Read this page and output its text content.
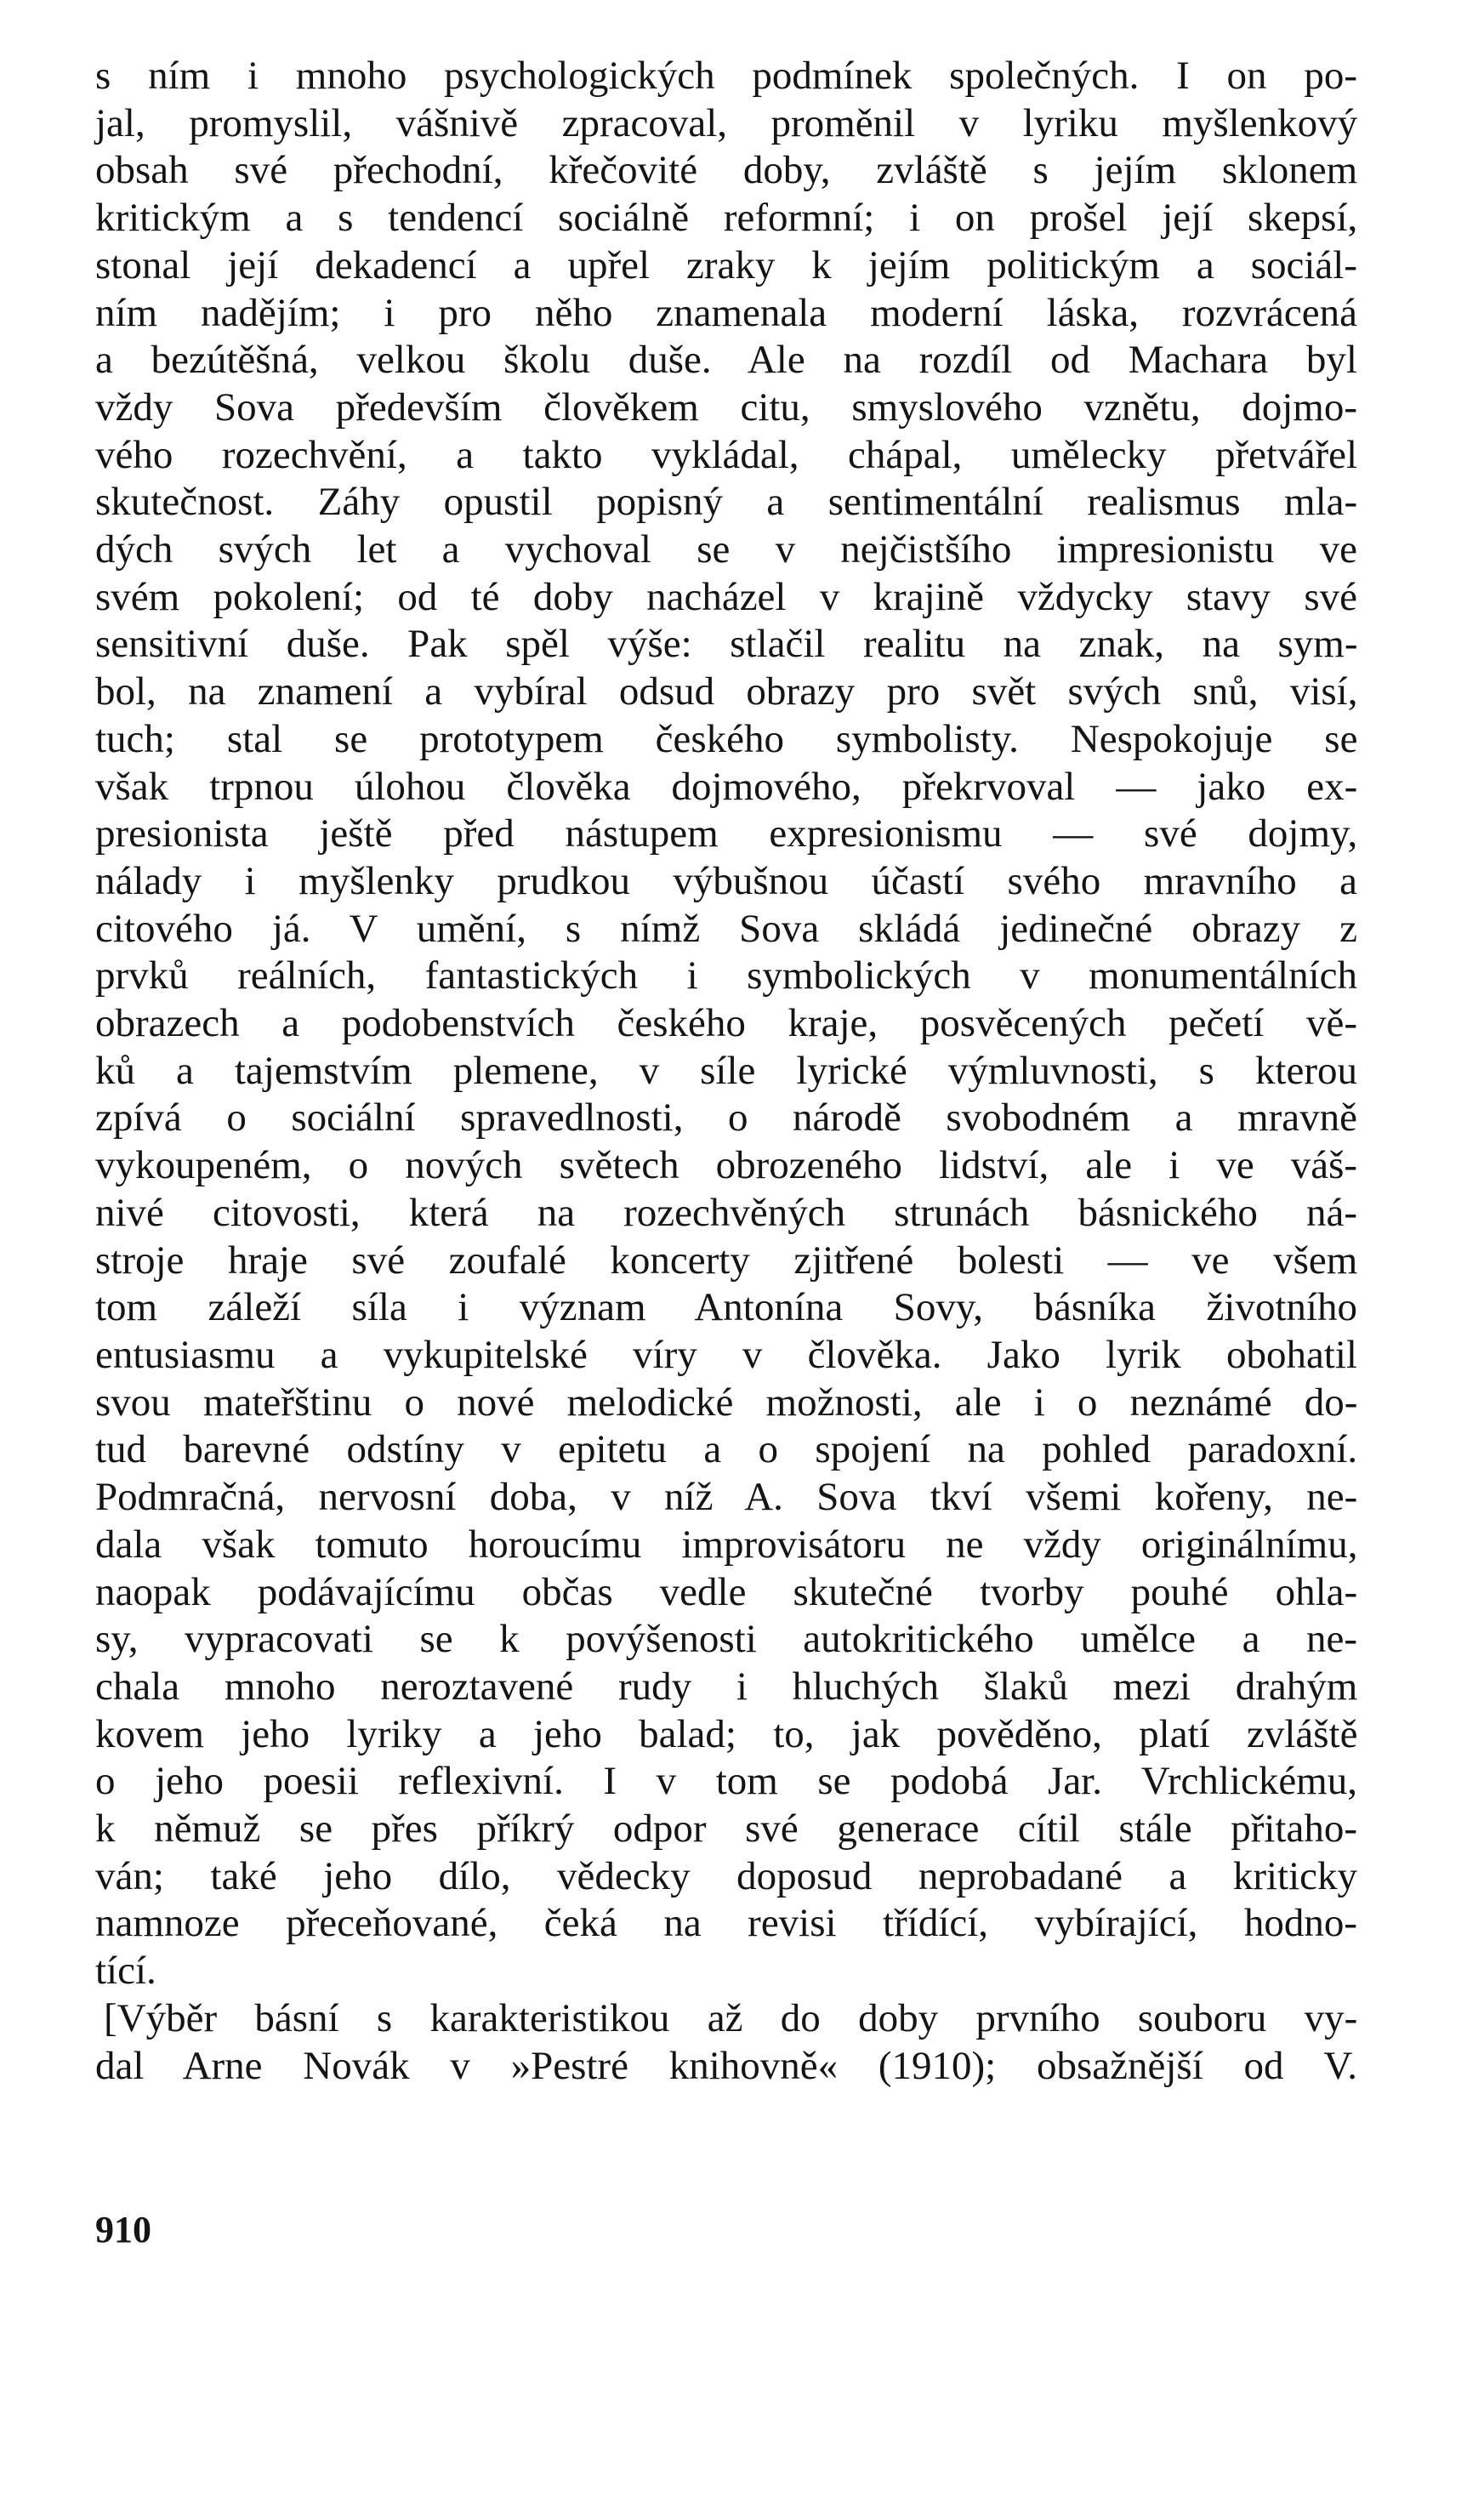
s ním i mnoho psychologických podmínek společných. I on po-
jal, promyslil, vášnivě zpracoval, proměnil v lyriku myšlenkový
obsah své přechodní, křečovité doby, zvláště s jejím sklonem
kritickým a s tendencí sociálně reformní; i on prošel její skepsí,
stonal její dekadencí a upřel zraky k jejím politickým a sociál-
ním nadějím; i pro něho znamenala moderní láska, rozvrácená
a bezútěšná, velkou školu duše. Ale na rozdíl od Machara byl
vždy Sova především člověkem citu, smyslového vznětu, dojmo-
vého rozechvění, a takto vykládal, chápal, umělecky přetvářel
skutečnost. Záhy opustil popisný a sentimentální realismus mla-
dých svých let a vychoval se v nejčistšího impresionistu ve
svém pokolení; od té doby nacházel v krajině vždycky stavy své
sensitivní duše. Pak spěl výše: stlačil realitu na znak, na sym-
bol, na znamení a vybíral odsud obrazy pro svět svých snů, visí,
tuch; stal se prototypem českého symbolisty. Nespokojuje se
však trpnou úlohou člověka dojmového, překrvoval — jako ex-
presionista ještě před nástupem expresionismu — své dojmy,
nálady i myšlenky prudkou výbušnou účastí svého mravního a
citového já. V umění, s nímž Sova skládá jedinečné obrazy z
prvků reálních, fantastických i symbolických v monumentálních
obrazech a podobenstvích českého kraje, posvěcených pečetí vě-
ků a tajemstvím plemene, v síle lyrické výmluvnosti, s kterou
zpívá o sociální spravedlnosti, o národě svobodném a mravně
vykoupeném, o nových světech obrozeného lidství, ale i ve váš-
nivé citovosti, která na rozechvěných strunách básnického ná-
stroje hraje své zoufalé koncerty zjitřené bolesti — ve všem
tom záleží síla i význam Antonína Sovy, básníka životního
entusiasmu a vykupitelské víry v člověka. Jako lyrik obohatil
svou mateřštinu o nové melodické možnosti, ale i o neznámé do-
tud barevné odstíny v epitetu a o spojení na pohled paradoxní.
Podmračná, nervosní doba, v níž A. Sova tkví všemi kořeny, ne-
dala však tomuto horoucímu improvisátoru ne vždy originálnímu,
naopak podávajícímu občas vedle skutečné tvorby pouhé ohla-
sy, vypracovati se k povýšenosti autokritického umělce a ne-
chala mnoho neroztavené rudy i hluchých šlaků mezi drahým
kovem jeho lyriky a jeho balad; to, jak pověděno, platí zvláště
o jeho poesii reflexivní. I v tom se podobá Jar. Vrchlickému,
k němuž se přes příkrý odpor své generace cítil stále přitaho-
ván; také jeho dílo, vědecky doposud neprobadané a kriticky
namnoze přeceňované, čeká na revisi třídící, vybírající, hodno-
tící.
[Výběr básní s karakteristikou až do doby prvního souboru vy-
dal Arne Novák v »Pestré knihovně« (1910); obsažnější od V.
910
